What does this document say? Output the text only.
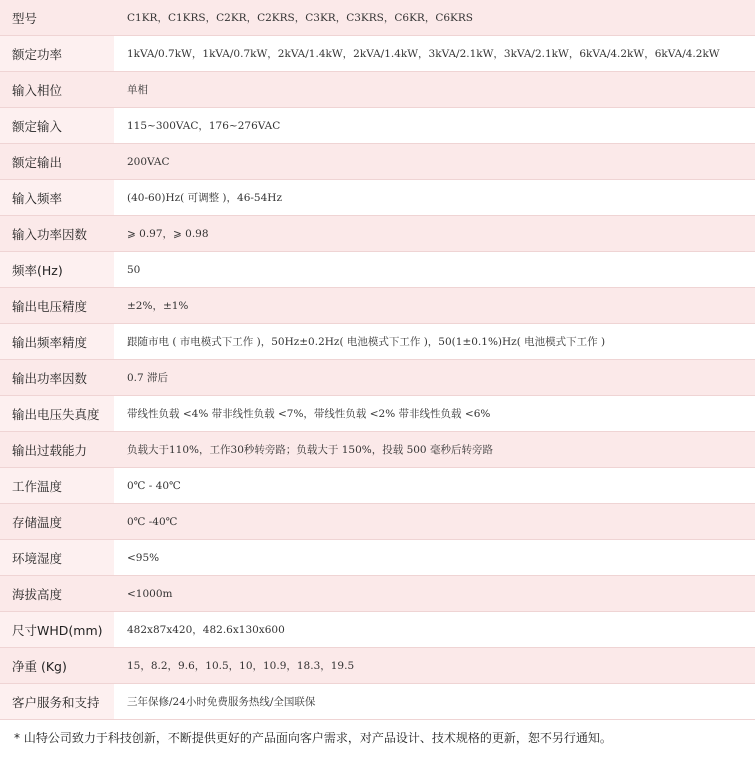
型号	C1KR，C1KRS，C2KR，C2KRS，C3KR，C3KRS，C6KR，C6KRS
额定功率	1kVA/0.7kW，1kVA/0.7kW，2kVA/1.4kW，2kVA/1.4kW，3kVA/2.1kW，3kVA/2.1kW，6kVA/4.2kW，6kVA/4.2kW
输入相位	单相
额定输入	115~300VAC，176~276VAC
额定输出	200VAC
输入频率	(40-60)Hz( 可调整 )，46-54Hz
输入功率因数	⩾ 0.97，⩾ 0.98
频率(Hz)	50
输出电压精度	±2%，±1%
输出频率精度	跟随市电 ( 市电模式下工作 )，50Hz±0.2Hz( 电池模式下工作 )，50(1±0.1%)Hz( 电池模式下工作 )
输出功率因数	0.7 滞后
输出电压失真度	带线性负载 <4% 带非线性负载 <7%，带线性负载 <2% 带非线性负载 <6%
输出过载能力	负载大于110%，工作30秒转旁路；负载大于 150%，投载 500 毫秒后转旁路
工作温度	0℃ - 40℃
存储温度	0℃ -40℃
环境湿度	<95%
海拔高度	<1000m
尺寸WHD(mm)	482x87x420，482.6x130x600
净重 (Kg)	15，8.2，9.6，10.5，10，10.9，18.3，19.5
客户服务和支持	三年保修/24小时免费服务热线/全国联保
* 山特公司致力于科技创新，不断提供更好的产品面向客户需求，对产品设计、技术规格的更新，恕不另行通知。
